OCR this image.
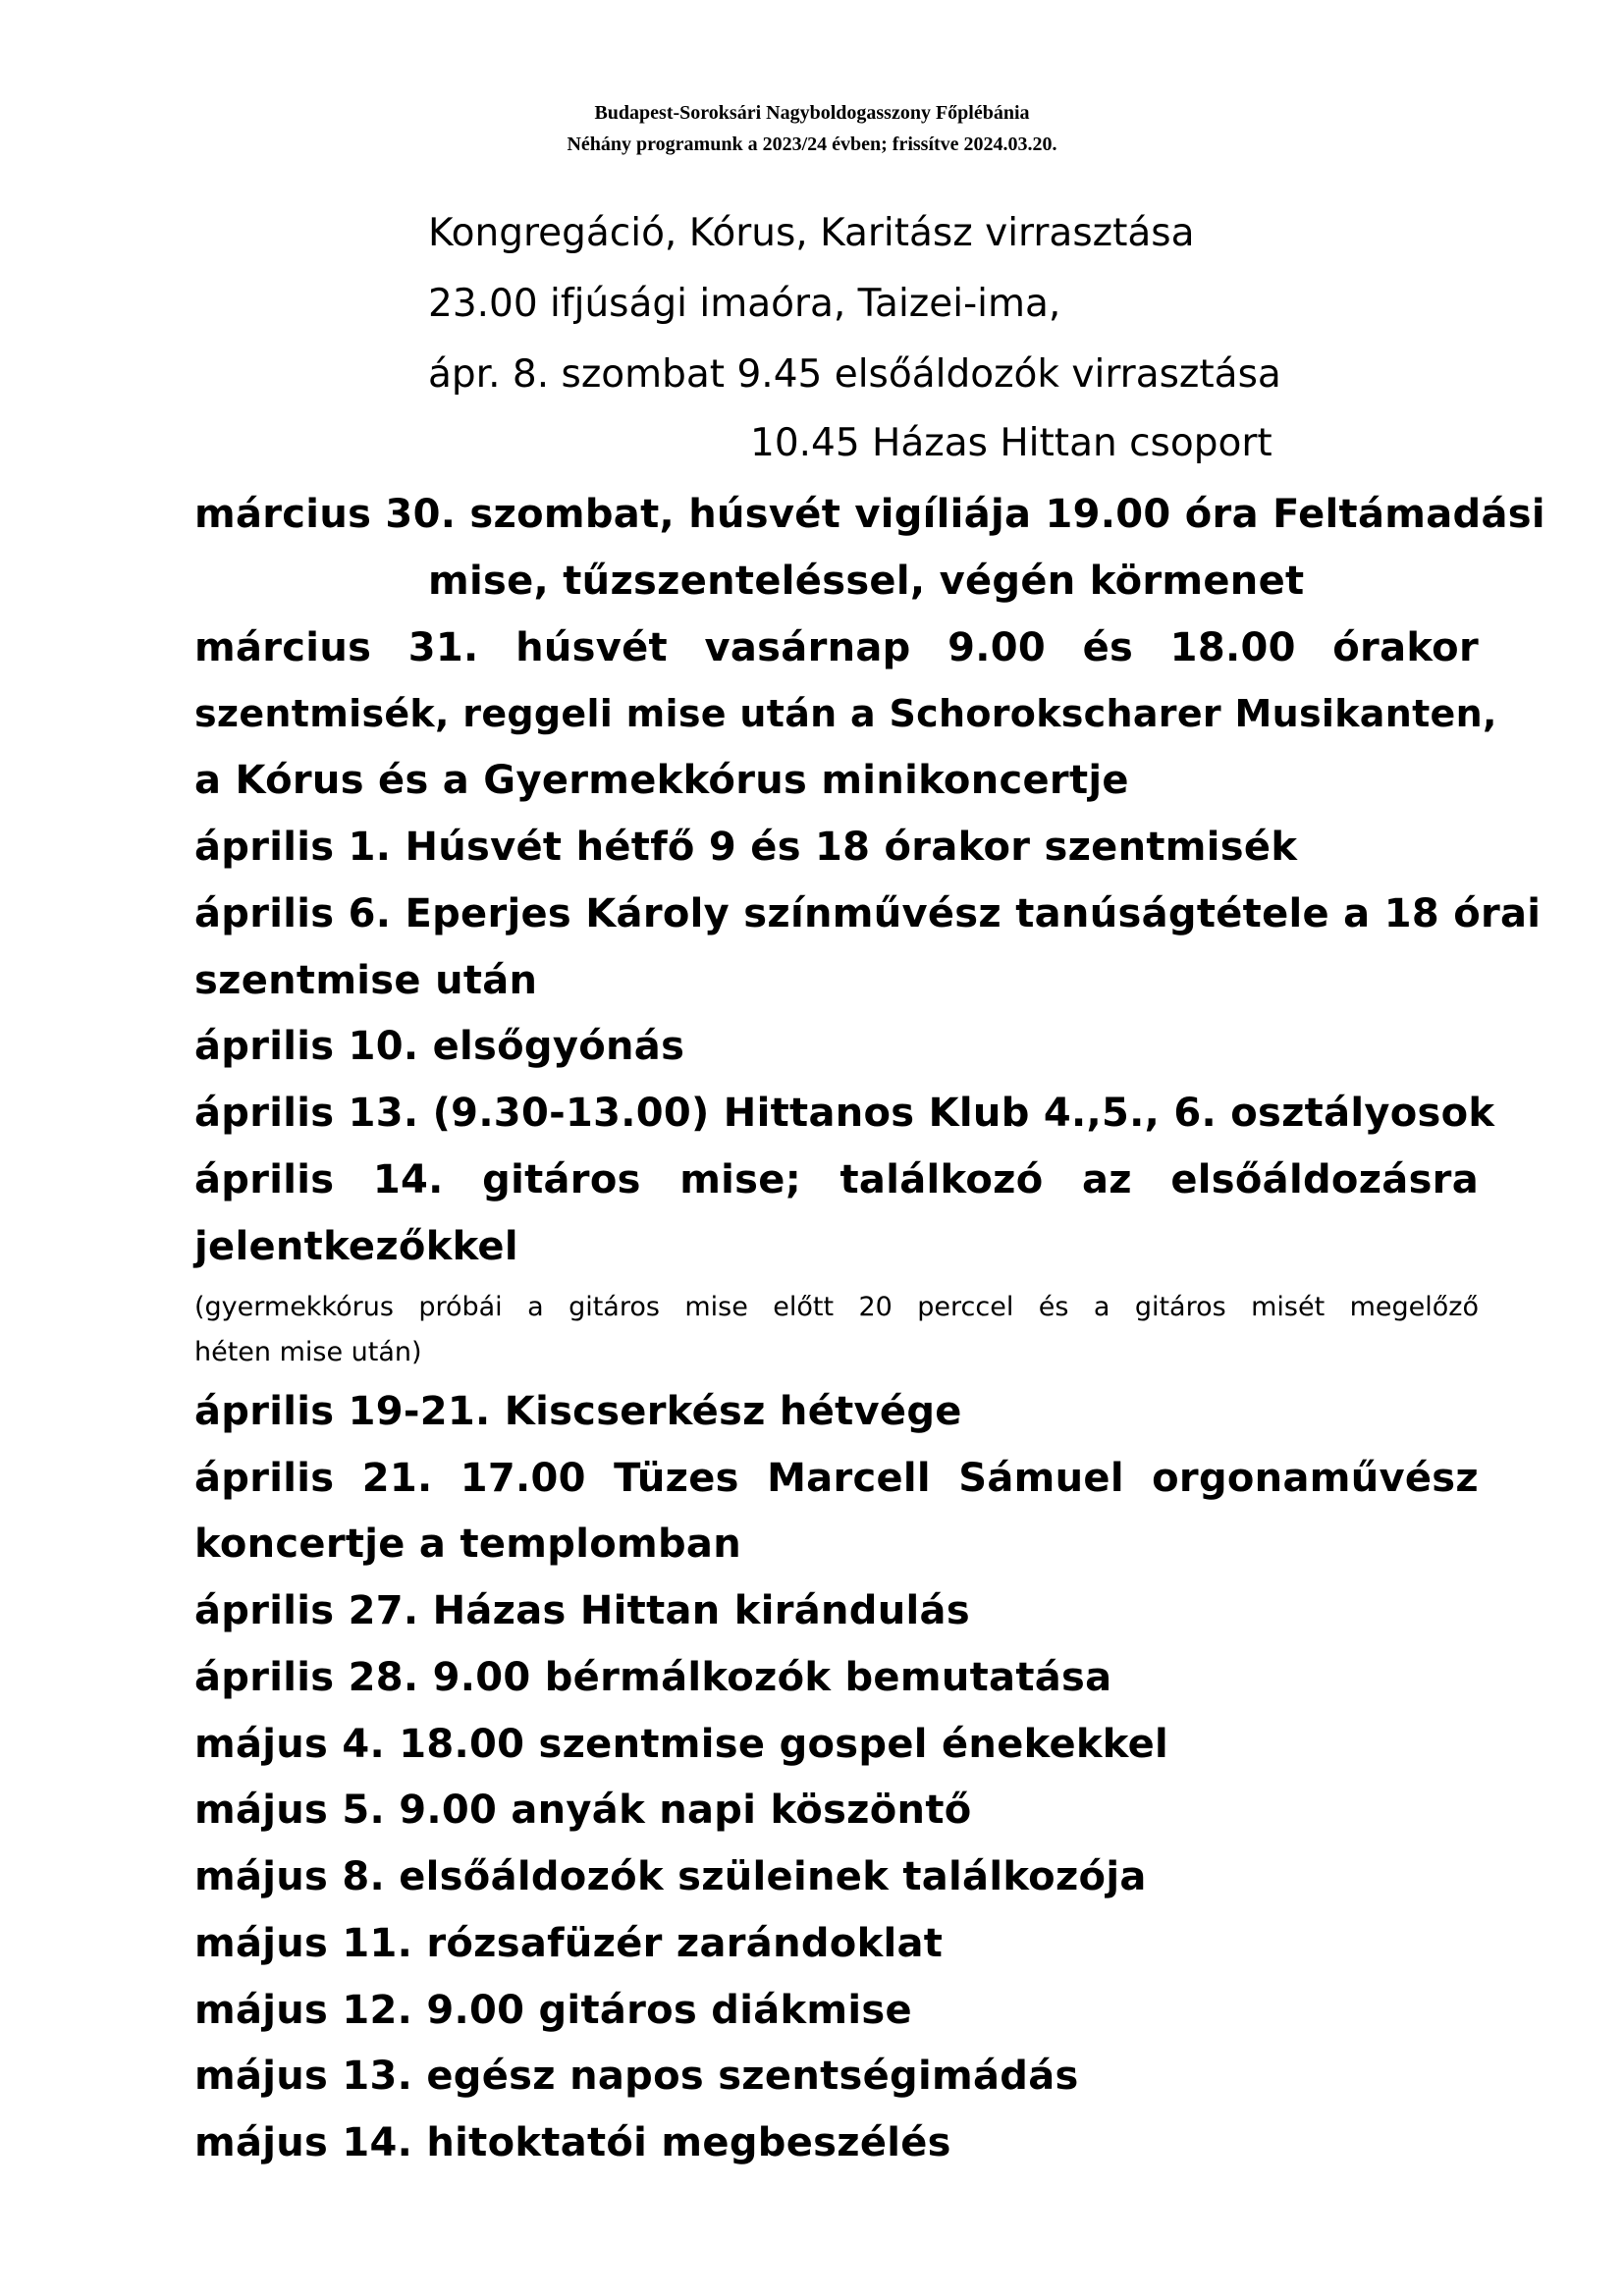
Budapest-Soroksári Nagyboldogasszony Főplébánia
Néhány programunk a 2023/24 évben; frissítve 2024.03.20.
Kongregáció, Kórus, Karitász virrasztása
23.00 ifjúsági imaóra, Taizei-ima,
ápr. 8. szombat 9.45 elsőáldozók virrasztása
10.45 Házas Hittan csoport
március 30. szombat, húsvét vigíliája 19.00 óra Feltámadási
mise, tűzszenteléssel, végén körmenet
március 31. húsvét vasárnap 9.00 és 18.00 órakor
szentmisék, reggeli mise után a Schorokscharer Musikanten,
a Kórus és a Gyermekkórus minikoncertje
április 1. Húsvét hétfő 9 és 18 órakor szentmisék
április 6. Eperjes Károly színművész tanúságtétele a 18 órai
szentmise után
április 10. elsőgyónás
április 13. (9.30-13.00) Hittanos Klub 4.,5., 6. osztályosok
április 14. gitáros mise; találkozó az elsőáldozásra
jelentkezőkkel
(gyermekkórus próbái a gitáros mise előtt 20 perccel és a gitáros misét megelőző
héten mise után)
április 19-21. Kiscserkész hétvége
április 21. 17.00 Tüzes Marcell Sámuel orgonaművész
koncertje a templomban
április 27. Házas Hittan kirándulás
április 28. 9.00 bérmálkozók bemutatása
május 4. 18.00 szentmise gospel énekekkel
május 5. 9.00 anyák napi köszöntő
május 8. elsőáldozók szüleinek találkozója
május 11. rózsafüzér zarándoklat
május 12. 9.00 gitáros diákmise
május 13. egész napos szentségimádás
május 14. hitoktatói megbeszélés
